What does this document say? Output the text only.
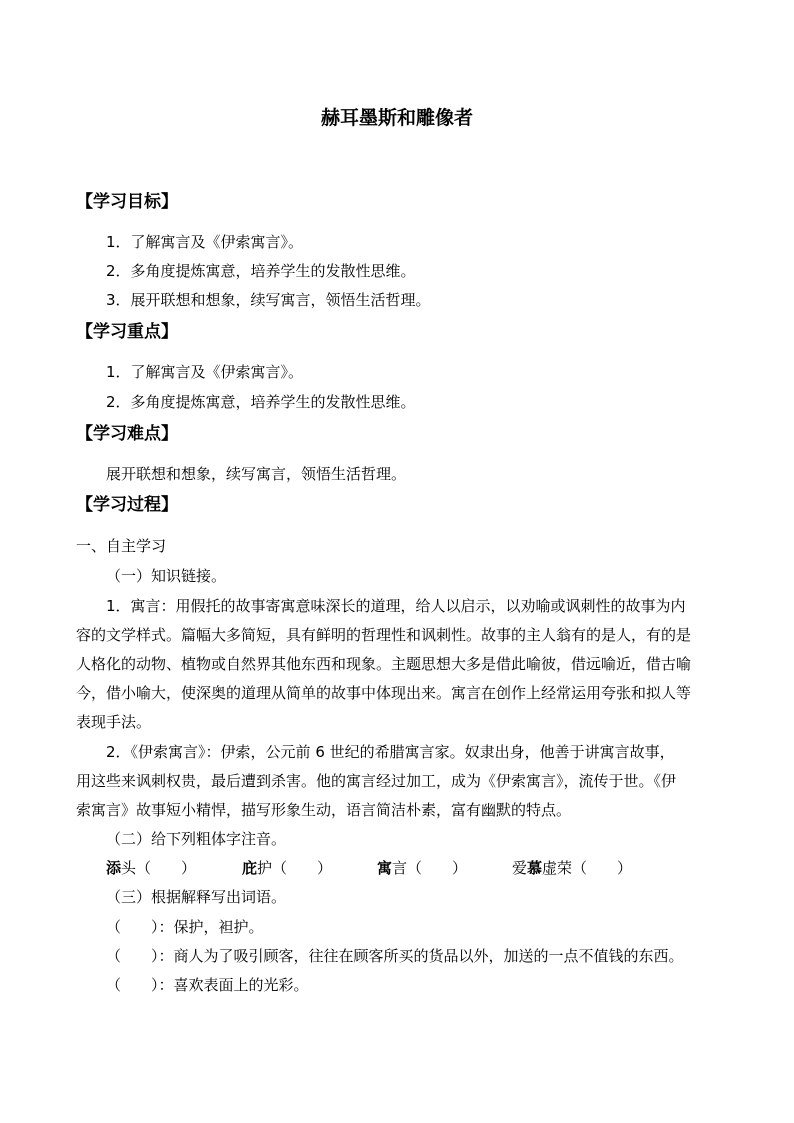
赫耳墨斯和雕像者
【学习目标】
1．了解寓言及《伊索寓言》。
2．多角度提炼寓意，培养学生的发散性思维。
3．展开联想和想象，续写寓言，领悟生活哲理。
【学习重点】
1．了解寓言及《伊索寓言》。
2．多角度提炼寓意，培养学生的发散性思维。
【学习难点】
展开联想和想象，续写寓言，领悟生活哲理。
【学习过程】
一、自主学习
（一）知识链接。
1．寓言：用假托的故事寄寓意味深长的道理，给人以启示，以劝喻或讽刺性的故事为内
容的文学样式。篇幅大多简短，具有鲜明的哲理性和讽刺性。故事的主人翁有的是人，有的是
人格化的动物、植物或自然界其他东西和现象。主题思想大多是借此喻彼，借远喻近，借古喻
今，借小喻大，使深奥的道理从简单的故事中体现出来。寓言在创作上经常运用夸张和拟人等
表现手法。
2．《伊索寓言》：伊索，公元前 6 世纪的希腊寓言家。奴隶出身，他善于讲寓言故事，
用这些来讽刺权贵，最后遭到杀害。他的寓言经过加工，成为《伊索寓言》，流传于世。《伊
索寓言》故事短小精悍，描写形象生动，语言简洁朴素，富有幽默的特点。
（二）给下列粗体字注音。
添头（　　）	庇护（　　）	寓言（　　）	爱慕虚荣（　　）
（三）根据解释写出词语。
（　　）：保护，袒护。
（　　）：商人为了吸引顾客，往往在顾客所买的货品以外，加送的一点不值钱的东西。
（　　）：喜欢表面上的光彩。
